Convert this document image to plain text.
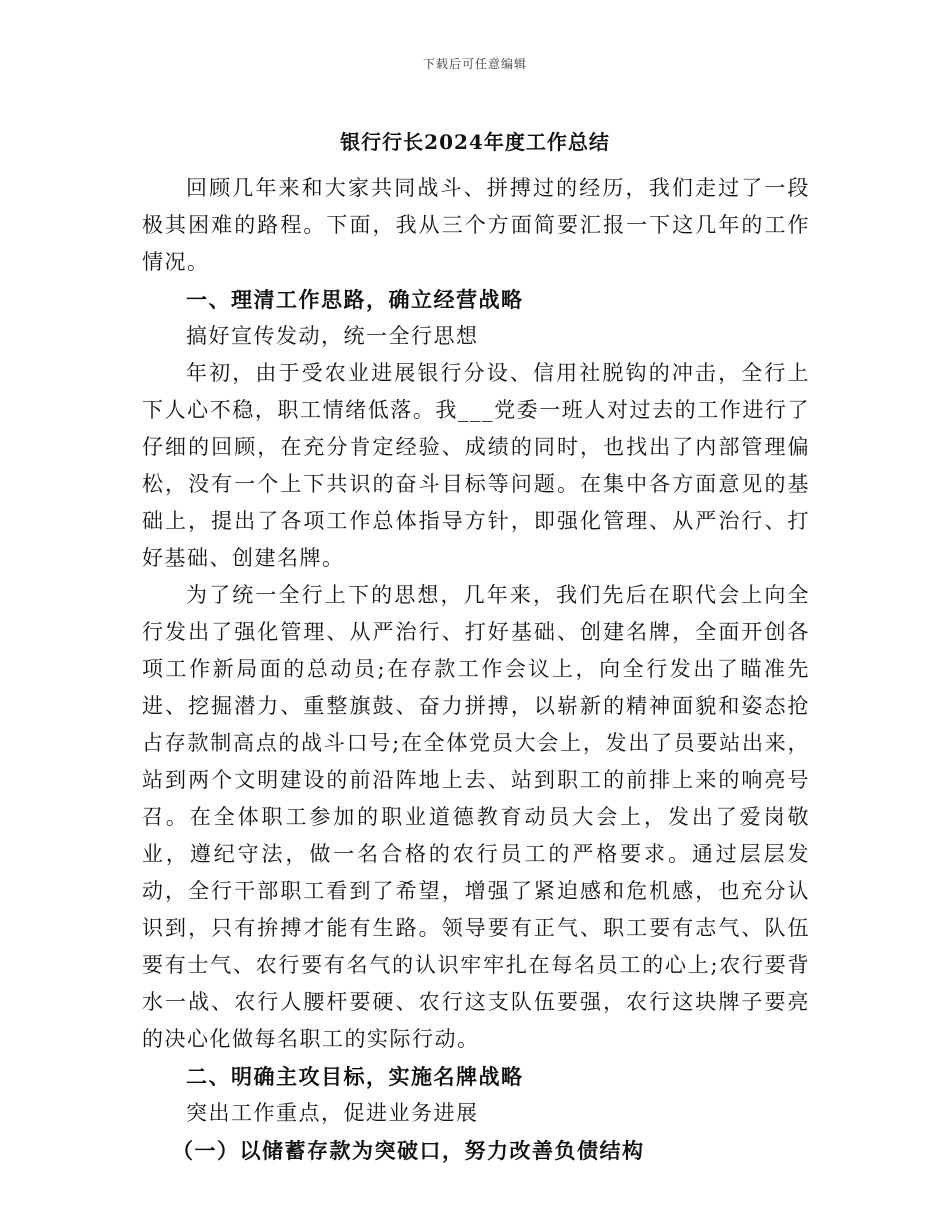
下载后可任意编辑
银行行长2024年度工作总结

回顾几年来和大家共同战斗、拼搏过的经历，我们走过了一段极其困难的路程。下面，我从三个方面简要汇报一下这几年的工作情况。

一、理清工作思路，确立经营战略

搞好宣传发动，统一全行思想

年初，由于受农业进展银行分设、信用社脱钩的冲击，全行上下人心不稳，职工情绪低落。我___党委一班人对过去的工作进行了仔细的回顾，在充分肯定经验、成绩的同时，也找出了内部管理偏松，没有一个上下共识的奋斗目标等问题。在集中各方面意见的基础上，提出了各项工作总体指导方针，即强化管理、从严治行、打好基础、创建名牌。

为了统一全行上下的思想，几年来，我们先后在职代会上向全行发出了强化管理、从严治行、打好基础、创建名牌，全面开创各项工作新局面的总动员;在存款工作会议上，向全行发出了瞄准先进、挖掘潜力、重整旗鼓、奋力拼搏，以崭新的精神面貌和姿态抢占存款制高点的战斗口号;在全体党员大会上，发出了员要站出来，站到两个文明建设的前沿阵地上去、站到职工的前排上来的响亮号召。在全体职工参加的职业道德教育动员大会上，发出了爱岗敬业，遵纪守法，做一名合格的农行员工的严格要求。通过层层发动，全行干部职工看到了希望，增强了紧迫感和危机感，也充分认识到，只有拚搏才能有生路。领导要有正气、职工要有志气、队伍要有士气、农行要有名气的认识牢牢扎在每名员工的心上;农行要背水一战、农行人腰杆要硬、农行这支队伍要强，农行这块牌子要亮的决心化做每名职工的实际行动。

二、明确主攻目标，实施名牌战略

突出工作重点，促进业务进展

（一）以储蓄存款为突破口，努力改善负债结构
